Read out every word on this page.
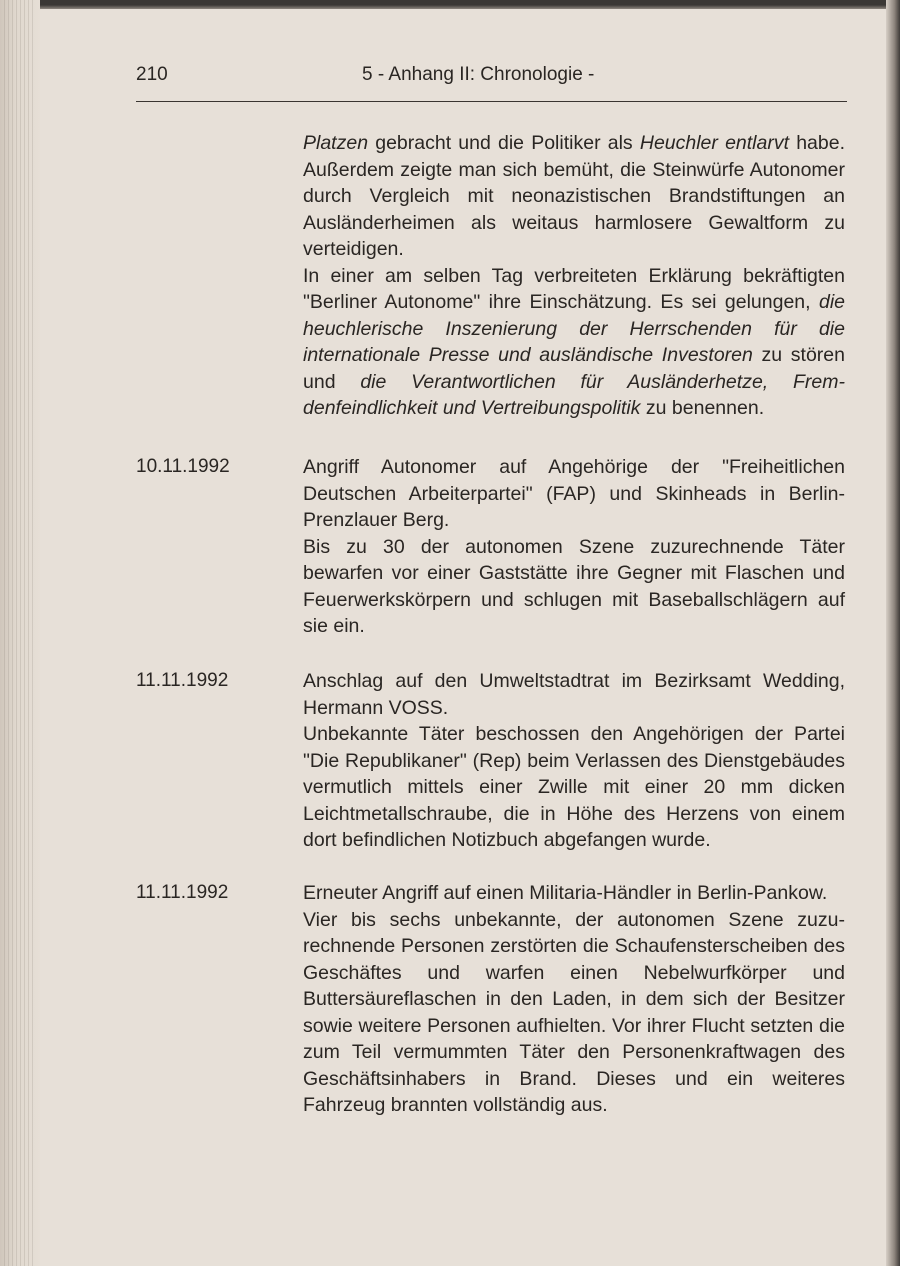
210	5 - Anhang II: Chronologie -

Platzen gebracht und die Politiker als Heuchler entlarvt habe. Außerdem zeigte man sich bemüht, die Steinwürfe Autonomer durch Vergleich mit neonazistischen Brandstiftungen an Ausländerheimen als weitaus harmlosere Gewaltform zu verteidigen.

In einer am selben Tag verbreiteten Erklärung bekräftigten "Berliner Autonome" ihre Einschätzung. Es sei gelungen, die heuchlerische Inszenierung der Herrschenden für die internationale Presse und ausländische Investoren zu stören und die Verantwortlichen für Ausländerhetze, Fremdenfeindlichkeit und Vertreibungspolitik zu benennen.

10.11.1992	Angriff Autonomer auf Angehörige der "Freiheitlichen Deutschen Arbeiterpartei" (FAP) und Skinheads in Berlin-Prenzlauer Berg.

Bis zu 30 der autonomen Szene zuzurechnende Täter bewarfen vor einer Gaststätte ihre Gegner mit Flaschen und Feuerwerkskörpern und schlugen mit Baseballschlägern auf sie ein.

11.11.1992	Anschlag auf den Umweltstadtrat im Bezirksamt Wedding, Hermann VOSS.

Unbekannte Täter beschossen den Angehörigen der Partei "Die Republikaner" (Rep) beim Verlassen des Dienstgebäudes vermutlich mittels einer Zwille mit einer 20 mm dicken Leichtmetallschraube, die in Höhe des Herzens von einem dort befindlichen Notizbuch abgefangen wurde.

11.11.1992	Erneuter Angriff auf einen Militaria-Händler in Berlin-Pankow.

Vier bis sechs unbekannte, der autonomen Szene zuzurechnende Personen zerstörten die Schaufensterscheiben des Geschäftes und warfen einen Nebelwurfkörper und Buttersäureflaschen in den Laden, in dem sich der Besitzer sowie weitere Personen aufhielten. Vor ihrer Flucht setzten die zum Teil vermummten Täter den Personenkraftwagen des Geschäftsinhabers in Brand. Dieses und ein weiteres Fahrzeug brannten vollständig aus.
